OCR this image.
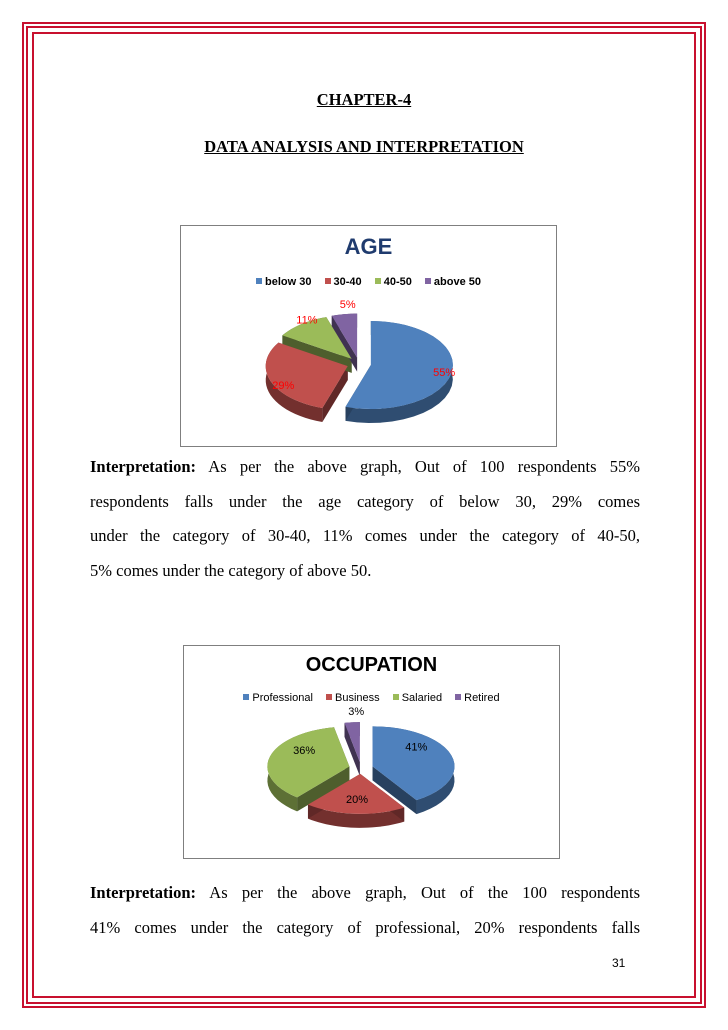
CHAPTER-4
DATA ANALYSIS AND INTERPRETATION
AGE
below 30 30-40 40-50 above 50
55%
29%
11%
5%
Interpretation: As per the above graph, Out of 100 respondents 55%
respondents falls under the age category of below 30, 29% comes
under the category of 30-40, 11% comes under the category of 40-50,
5% comes under the category of above 50.
OCCUPATION
Professional Business Salaried Retired
41%
20%
36%
3%
Interpretation: As per the above graph, Out of the 100 respondents
41% comes under the category of professional, 20% respondents falls
31
